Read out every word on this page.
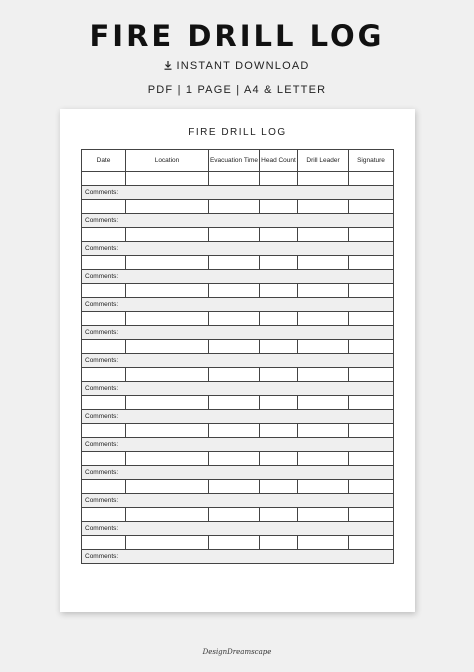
FIRE DRILL LOG
INSTANT DOWNLOAD
PDF | 1 PAGE | A4 & LETTER
FIRE DRILL LOG
Date	Location	Evacuation Time	Head Count	Drill Leader	Signature

Comments:					

Comments:					

Comments:					

Comments:					

Comments:					

Comments:					

Comments:					

Comments:					

Comments:					

Comments:					

Comments:					

Comments:					

Comments:					

Comments:					
DesignDreamscape
